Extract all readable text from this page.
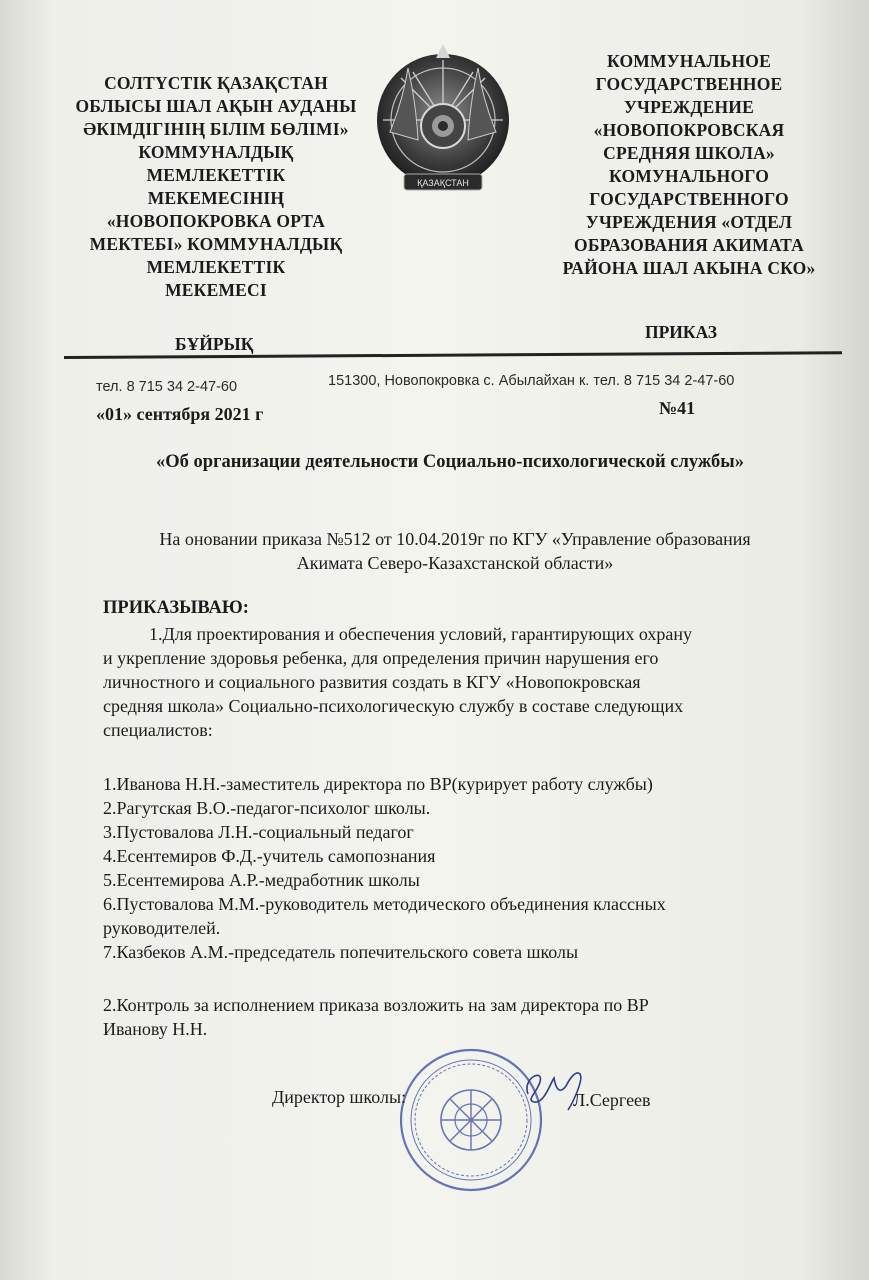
СОЛТҮСТІК ҚАЗАҚСТАН
ОБЛЫСЫ ШАЛ АҚЫН АУДАНЫ
ӘКІМДІГІНІҢ БІЛІМ БӨЛІМІ»
КОММУНАЛДЫҚ
МЕМЛЕКЕТТІК
МЕКЕМЕСІНІҢ
«НОВОПОКРОВКА ОРТА
МЕКТЕБІ» КОММУНАЛДЫҚ
МЕМЛЕКЕТТІК
МЕКЕМЕСІ
ҚАЗАҚСТАН
КОММУНАЛЬНОЕ
ГОСУДАРСТВЕННОЕ
УЧРЕЖДЕНИЕ
«НОВОПОКРОВСКАЯ
СРЕДНЯЯ ШКОЛА»
КОМУНАЛЬНОГО
ГОСУДАРСТВЕННОГО
УЧРЕЖДЕНИЯ «ОТДЕЛ
ОБРАЗОВАНИЯ АКИМАТА
РАЙОНА ШАЛ АКЫНА СКО»
БҰЙРЫҚ
ПРИКАЗ
тел. 8 715 34 2-47-60	151300, Новопокровка с. Абылайхан к. тел. 8 715 34 2-47-60
«01» сентября 2021 г	№41
«Об организации деятельности Социально-психологической службы»
На оновании приказа №512 от 10.04.2019г по КГУ «Управление образования
Акимата Северо-Казахстанской области»
ПРИКАЗЫВАЮ:
1.Для проектирования и обеспечения условий, гарантирующих охрану
и укрепление здоровья ребенка, для определения причин нарушения его
личностного и социального развития создать в КГУ «Новопокровская
средняя школа» Социально-психологическую службу в составе следующих
специалистов:
1.Иванова Н.Н.-заместитель директора по ВР(курирует работу службы)
2.Рагутская В.О.-педагог-психолог школы.
3.Пустовалова Л.Н.-социальный педагог
4.Есентемиров Ф.Д.-учитель самопознания
5.Есентемирова А.Р.-медработник школы
6.Пустовалова М.М.-руководитель методического объединения классных руководителей.
7.Казбеков А.М.-председатель попечительского совета школы
2.Контроль за исполнением приказа возложить на зам директора по ВР
Иванову Н.Н.
Директор школы:	Л.Сергеев
